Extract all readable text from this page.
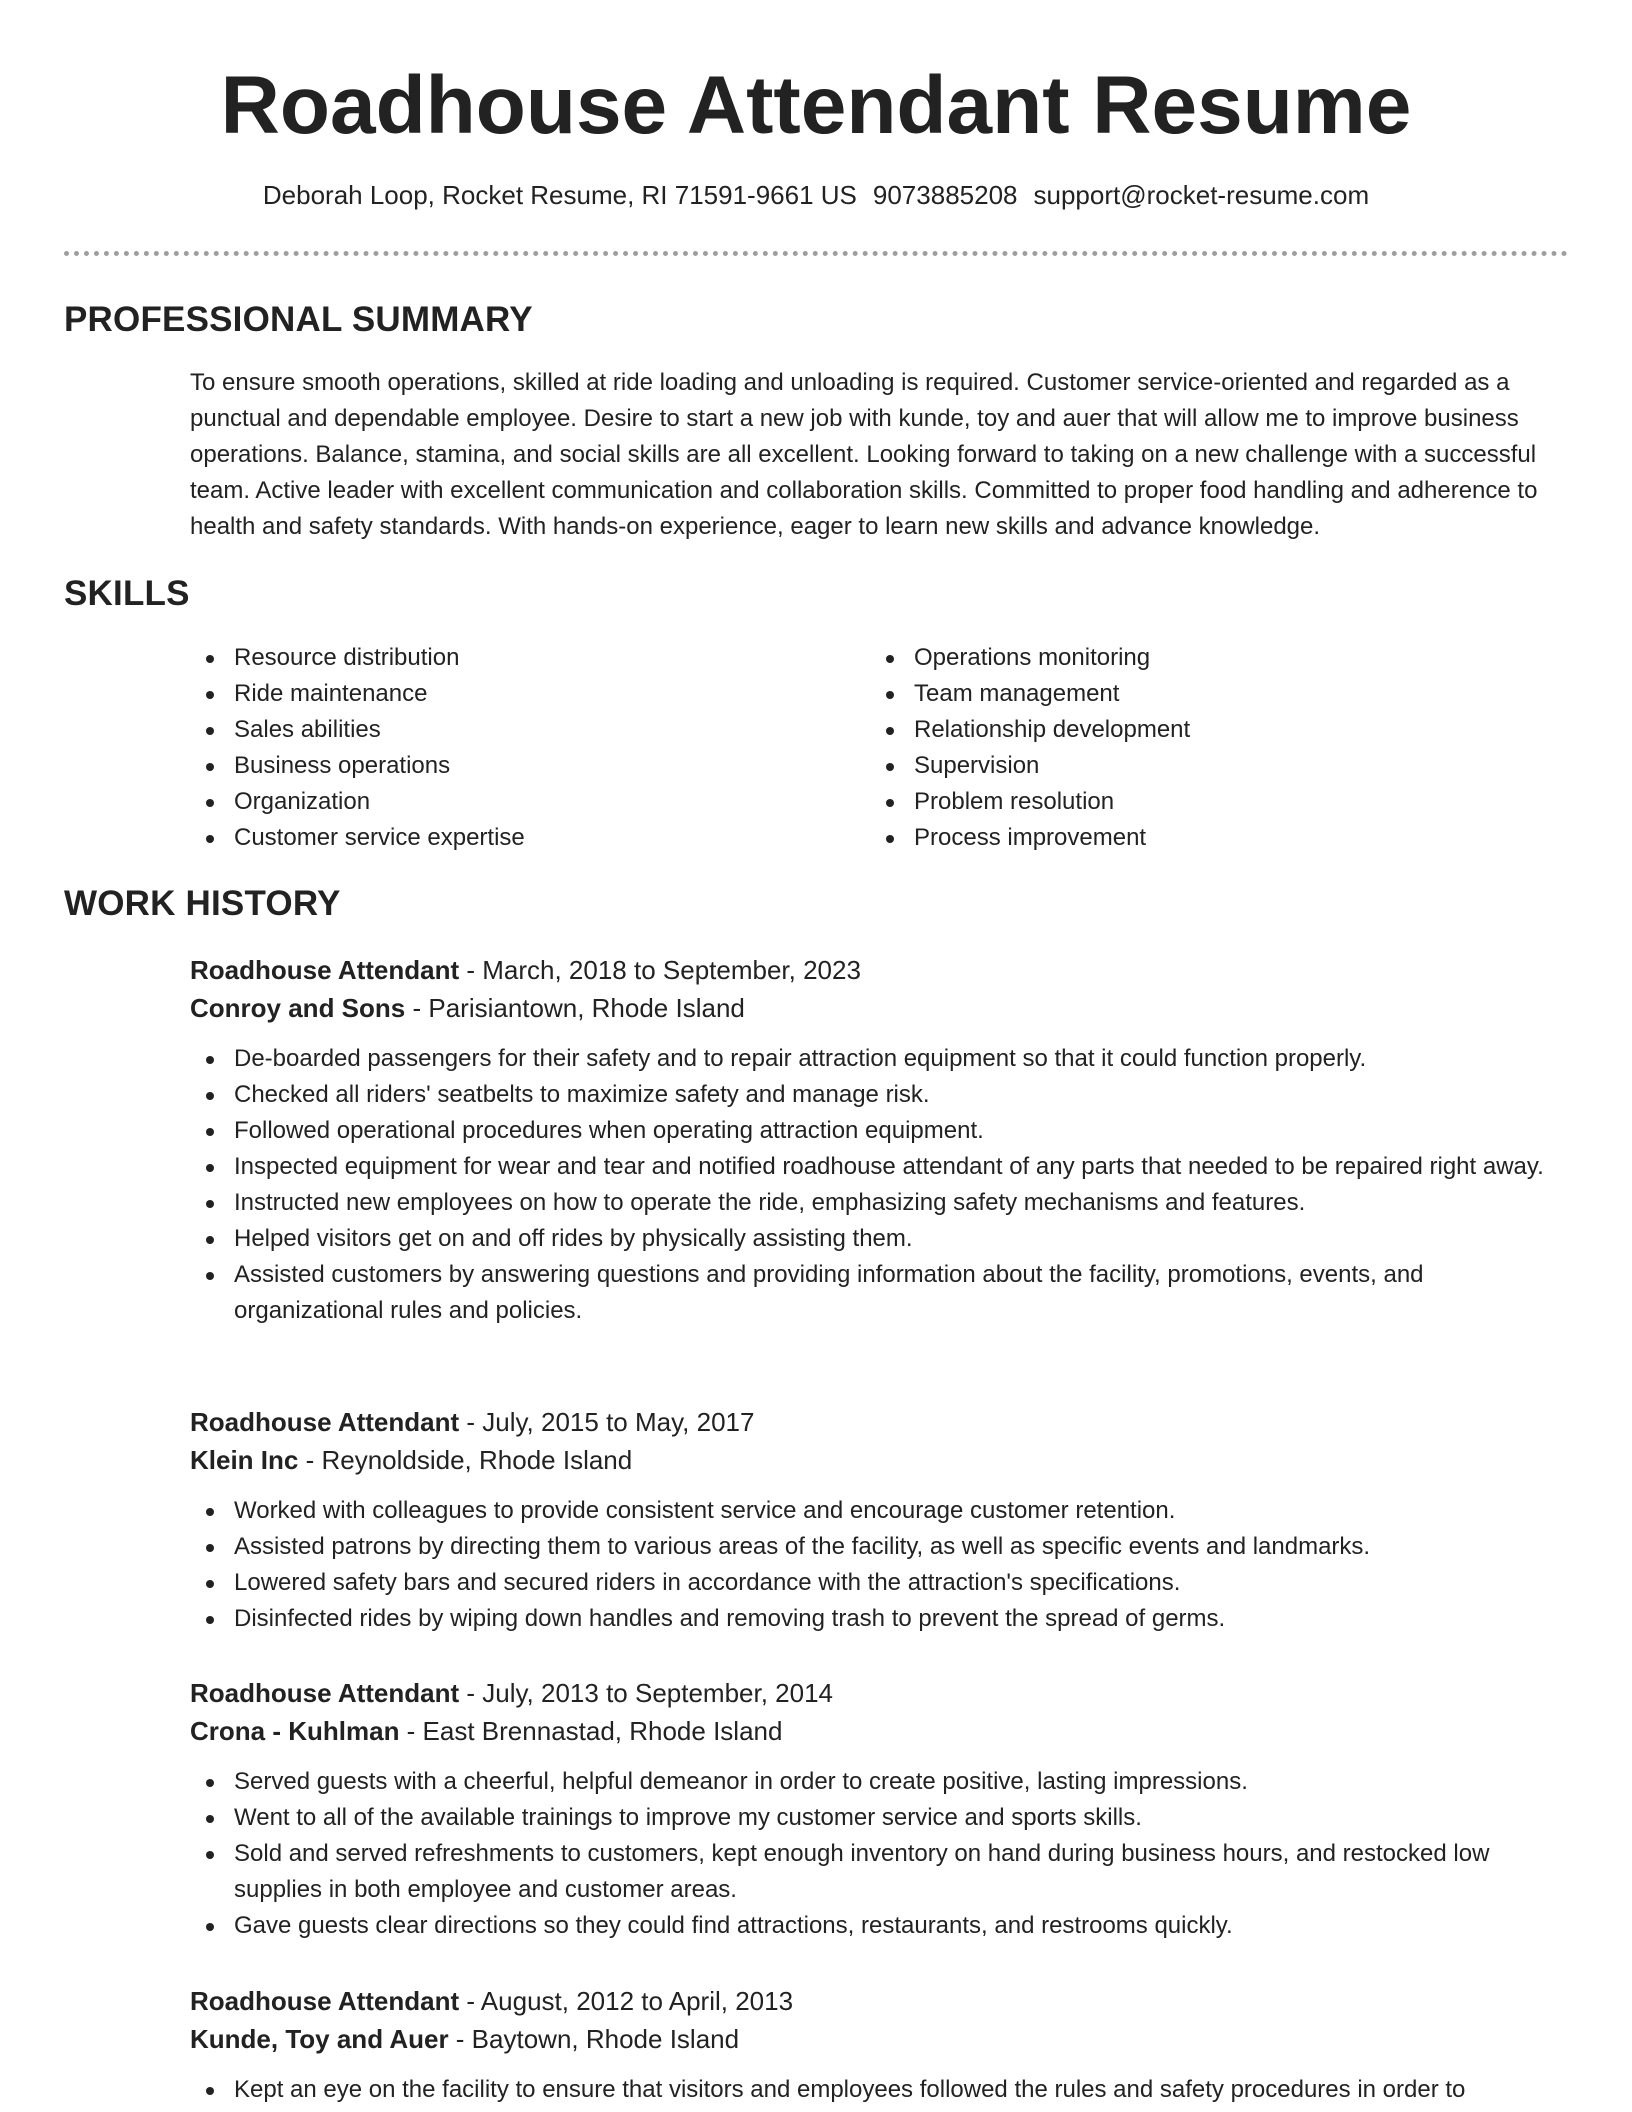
Roadhouse Attendant Resume
Deborah Loop, Rocket Resume, RI 71591-9661 US 9073885208 support@rocket-resume.com
PROFESSIONAL SUMMARY

To ensure smooth operations, skilled at ride loading and unloading is required. Customer service-oriented and regarded as a punctual and dependable employee. Desire to start a new job with kunde, toy and auer that will allow me to improve business operations. Balance, stamina, and social skills are all excellent. Looking forward to taking on a new challenge with a successful team. Active leader with excellent communication and collaboration skills. Committed to proper food handling and adherence to health and safety standards. With hands-on experience, eager to learn new skills and advance knowledge.

SKILLS
Resource distribution
Ride maintenance
Sales abilities
Business operations
Organization
Customer service expertise
Operations monitoring
Team management
Relationship development
Supervision
Problem resolution
Process improvement
WORK HISTORY
Roadhouse Attendant - March, 2018 to September, 2023
Conroy and Sons - Parisiantown, Rhode Island
De-boarded passengers for their safety and to repair attraction equipment so that it could function properly.
Checked all riders' seatbelts to maximize safety and manage risk.
Followed operational procedures when operating attraction equipment.
Inspected equipment for wear and tear and notified roadhouse attendant of any parts that needed to be repaired right away.
Instructed new employees on how to operate the ride, emphasizing safety mechanisms and features.
Helped visitors get on and off rides by physically assisting them.
Assisted customers by answering questions and providing information about the facility, promotions, events, and organizational rules and policies.
Roadhouse Attendant - July, 2015 to May, 2017
Klein Inc - Reynoldside, Rhode Island
Worked with colleagues to provide consistent service and encourage customer retention.
Assisted patrons by directing them to various areas of the facility, as well as specific events and landmarks.
Lowered safety bars and secured riders in accordance with the attraction's specifications.
Disinfected rides by wiping down handles and removing trash to prevent the spread of germs.
Roadhouse Attendant - July, 2013 to September, 2014
Crona - Kuhlman - East Brennastad, Rhode Island
Served guests with a cheerful, helpful demeanor in order to create positive, lasting impressions.
Went to all of the available trainings to improve my customer service and sports skills.
Sold and served refreshments to customers, kept enough inventory on hand during business hours, and restocked low supplies in both employee and customer areas.
Gave guests clear directions so they could find attractions, restaurants, and restrooms quickly.
Roadhouse Attendant - August, 2012 to April, 2013
Kunde, Toy and Auer - Baytown, Rhode Island
Kept an eye on the facility to ensure that visitors and employees followed the rules and safety procedures in order to
